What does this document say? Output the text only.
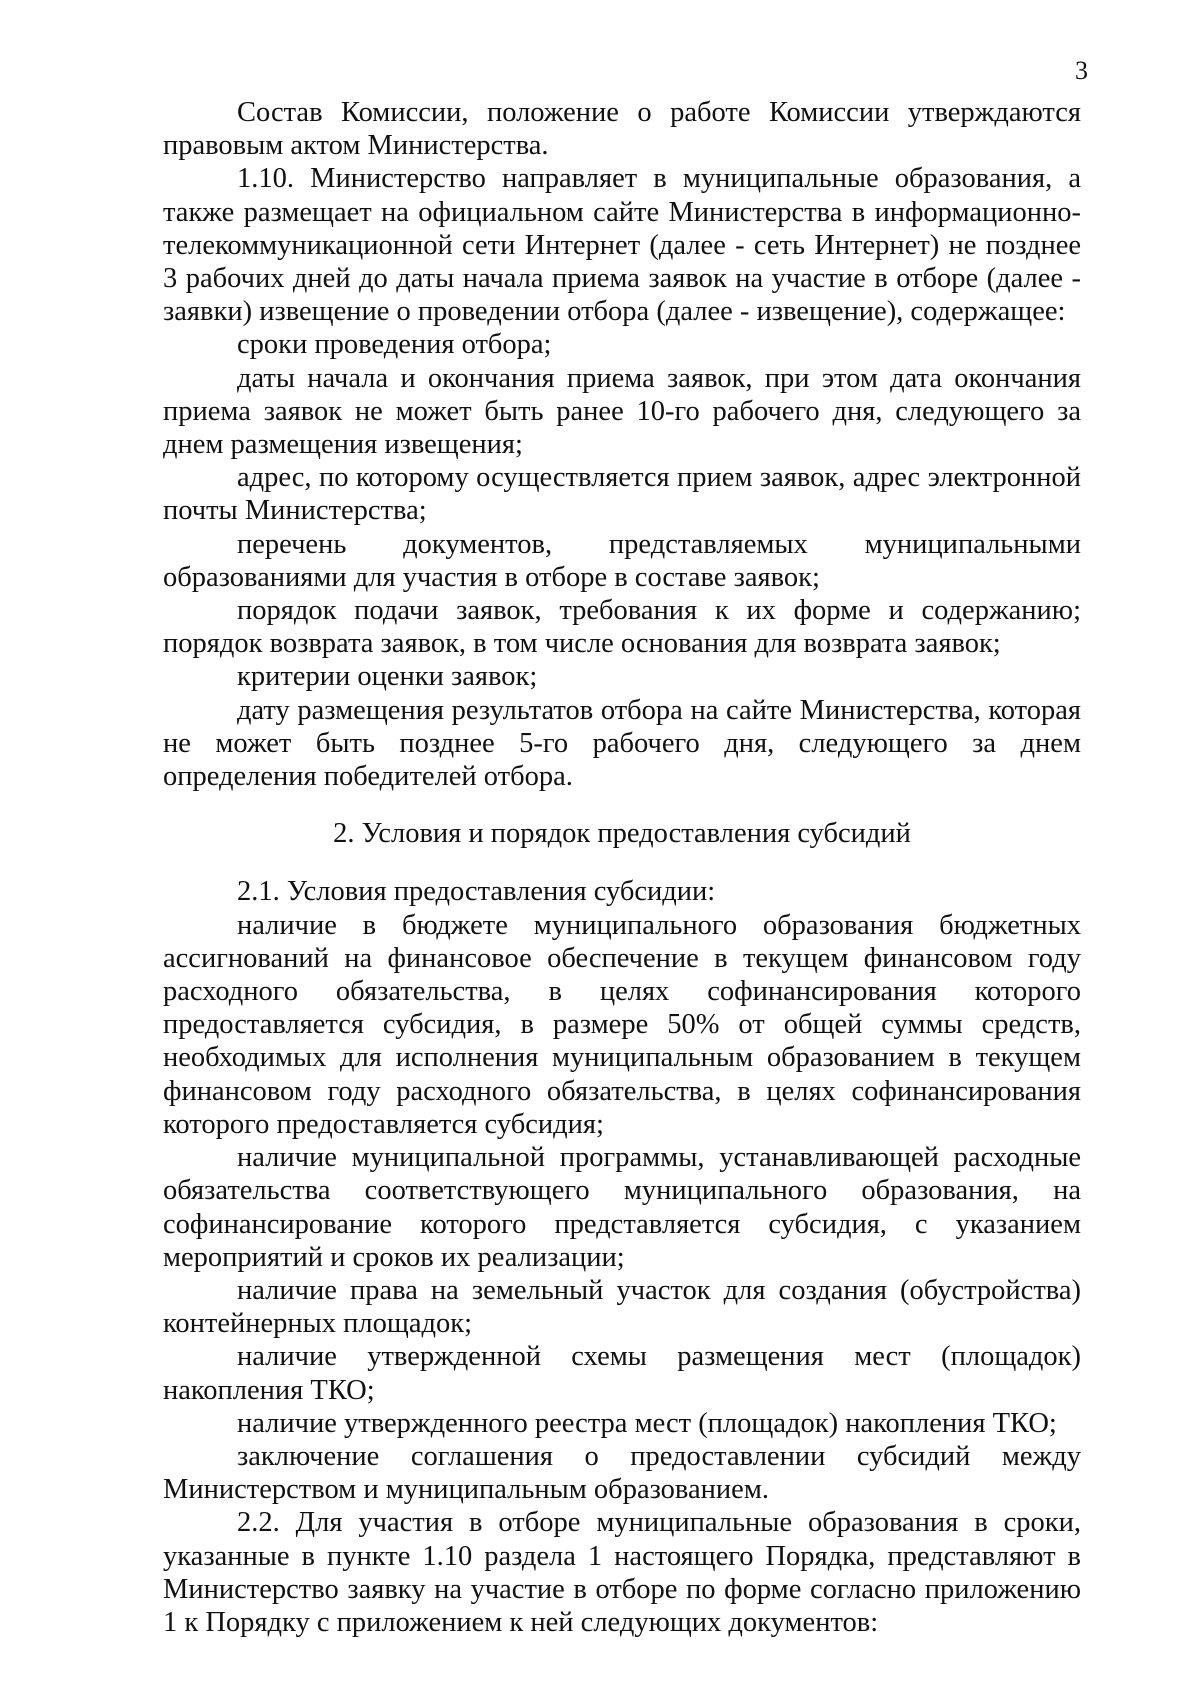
3

Состав Комиссии, положение о работе Комиссии утверждаются правовым актом Министерства.

1.10. Министерство направляет в муниципальные образования, а также размещает на официальном сайте Министерства в информационно-телекоммуникационной сети Интернет (далее - сеть Интернет) не позднее 3 рабочих дней до даты начала приема заявок на участие в отборе (далее - заявки) извещение о проведении отбора (далее - извещение), содержащее:

сроки проведения отбора;

даты начала и окончания приема заявок, при этом дата окончания приема заявок не может быть ранее 10-го рабочего дня, следующего за днем размещения извещения;

адрес, по которому осуществляется прием заявок, адрес электронной почты Министерства;

перечень документов, представляемых муниципальными образованиями для участия в отборе в составе заявок;

порядок подачи заявок, требования к их форме и содержанию; порядок возврата заявок, в том числе основания для возврата заявок;

критерии оценки заявок;

дату размещения результатов отбора на сайте Министерства, которая не может быть позднее 5-го рабочего дня, следующего за днем определения победителей отбора.

2. Условия и порядок предоставления субсидий

2.1. Условия предоставления субсидии:

наличие в бюджете муниципального образования бюджетных ассигнований на финансовое обеспечение в текущем финансовом году расходного обязательства, в целях софинансирования которого предоставляется субсидия, в размере 50% от общей суммы средств, необходимых для исполнения муниципальным образованием в текущем финансовом году расходного обязательства, в целях софинансирования которого предоставляется субсидия;

наличие муниципальной программы, устанавливающей расходные обязательства соответствующего муниципального образования, на софинансирование которого представляется субсидия, с указанием мероприятий и сроков их реализации;

наличие права на земельный участок для создания (обустройства) контейнерных площадок;

наличие утвержденной схемы размещения мест (площадок) накопления ТКО;

наличие утвержденного реестра мест (площадок) накопления ТКО;

заключение соглашения о предоставлении субсидий между Министерством и муниципальным образованием.

2.2. Для участия в отборе муниципальные образования в сроки, указанные в пункте 1.10 раздела 1 настоящего Порядка, представляют в Министерство заявку на участие в отборе по форме согласно приложению 1 к Порядку с приложением к ней следующих документов:
